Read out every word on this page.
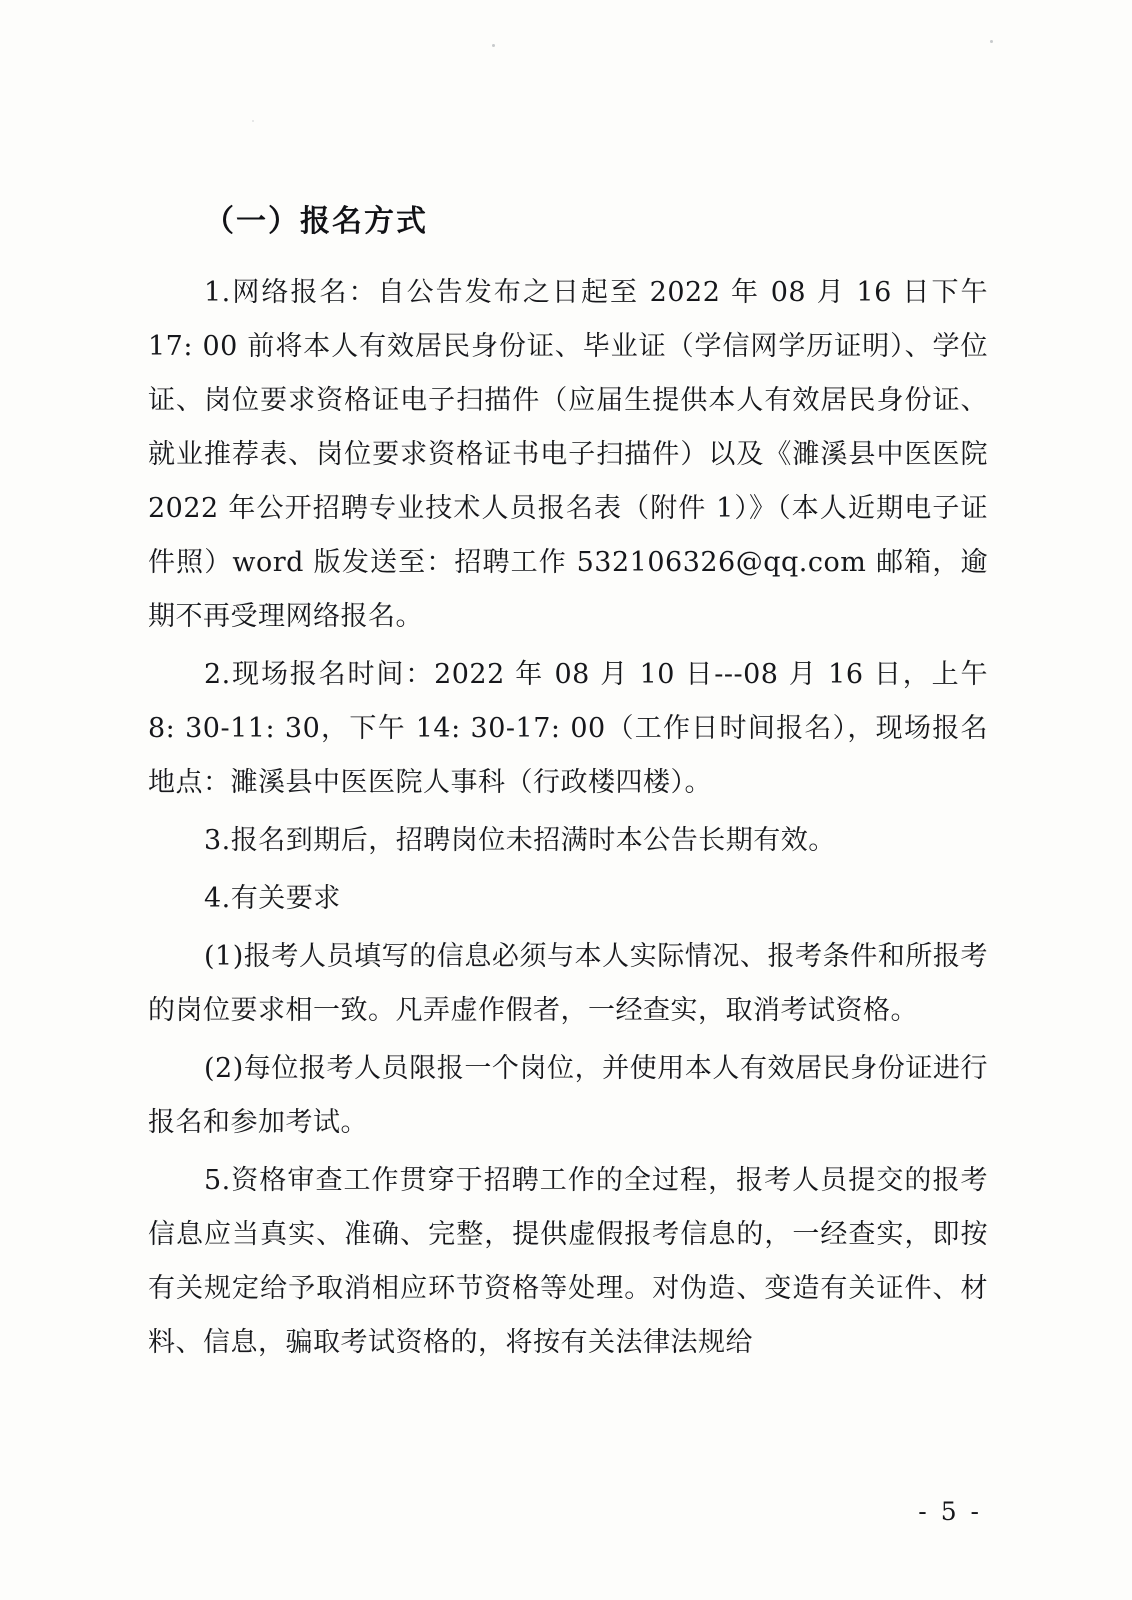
（一）报名方式

1.网络报名：自公告发布之日起至 2022 年 08 月 16 日下午 17: 00 前将本人有效居民身份证、毕业证（学信网学历证明）、学位证、岗位要求资格证电子扫描件（应届生提供本人有效居民身份证、就业推荐表、岗位要求资格证书电子扫描件）以及《濉溪县中医医院 2022 年公开招聘专业技术人员报名表（附件 1）》（本人近期电子证件照）word 版发送至：招聘工作 532106326@qq.com 邮箱，逾期不再受理网络报名。

2.现场报名时间：2022 年 08 月 10 日---08 月 16 日，上午 8: 30-11: 30，下午 14: 30-17: 00（工作日时间报名），现场报名地点：濉溪县中医医院人事科（行政楼四楼）。

3.报名到期后，招聘岗位未招满时本公告长期有效。

4.有关要求

(1)报考人员填写的信息必须与本人实际情况、报考条件和所报考的岗位要求相一致。凡弄虚作假者，一经查实，取消考试资格。

(2)每位报考人员限报一个岗位，并使用本人有效居民身份证进行报名和参加考试。

5.资格审查工作贯穿于招聘工作的全过程，报考人员提交的报考信息应当真实、准确、完整，提供虚假报考信息的，一经查实，即按有关规定给予取消相应环节资格等处理。对伪造、变造有关证件、材料、信息，骗取考试资格的，将按有关法律法规给

- 5 -
